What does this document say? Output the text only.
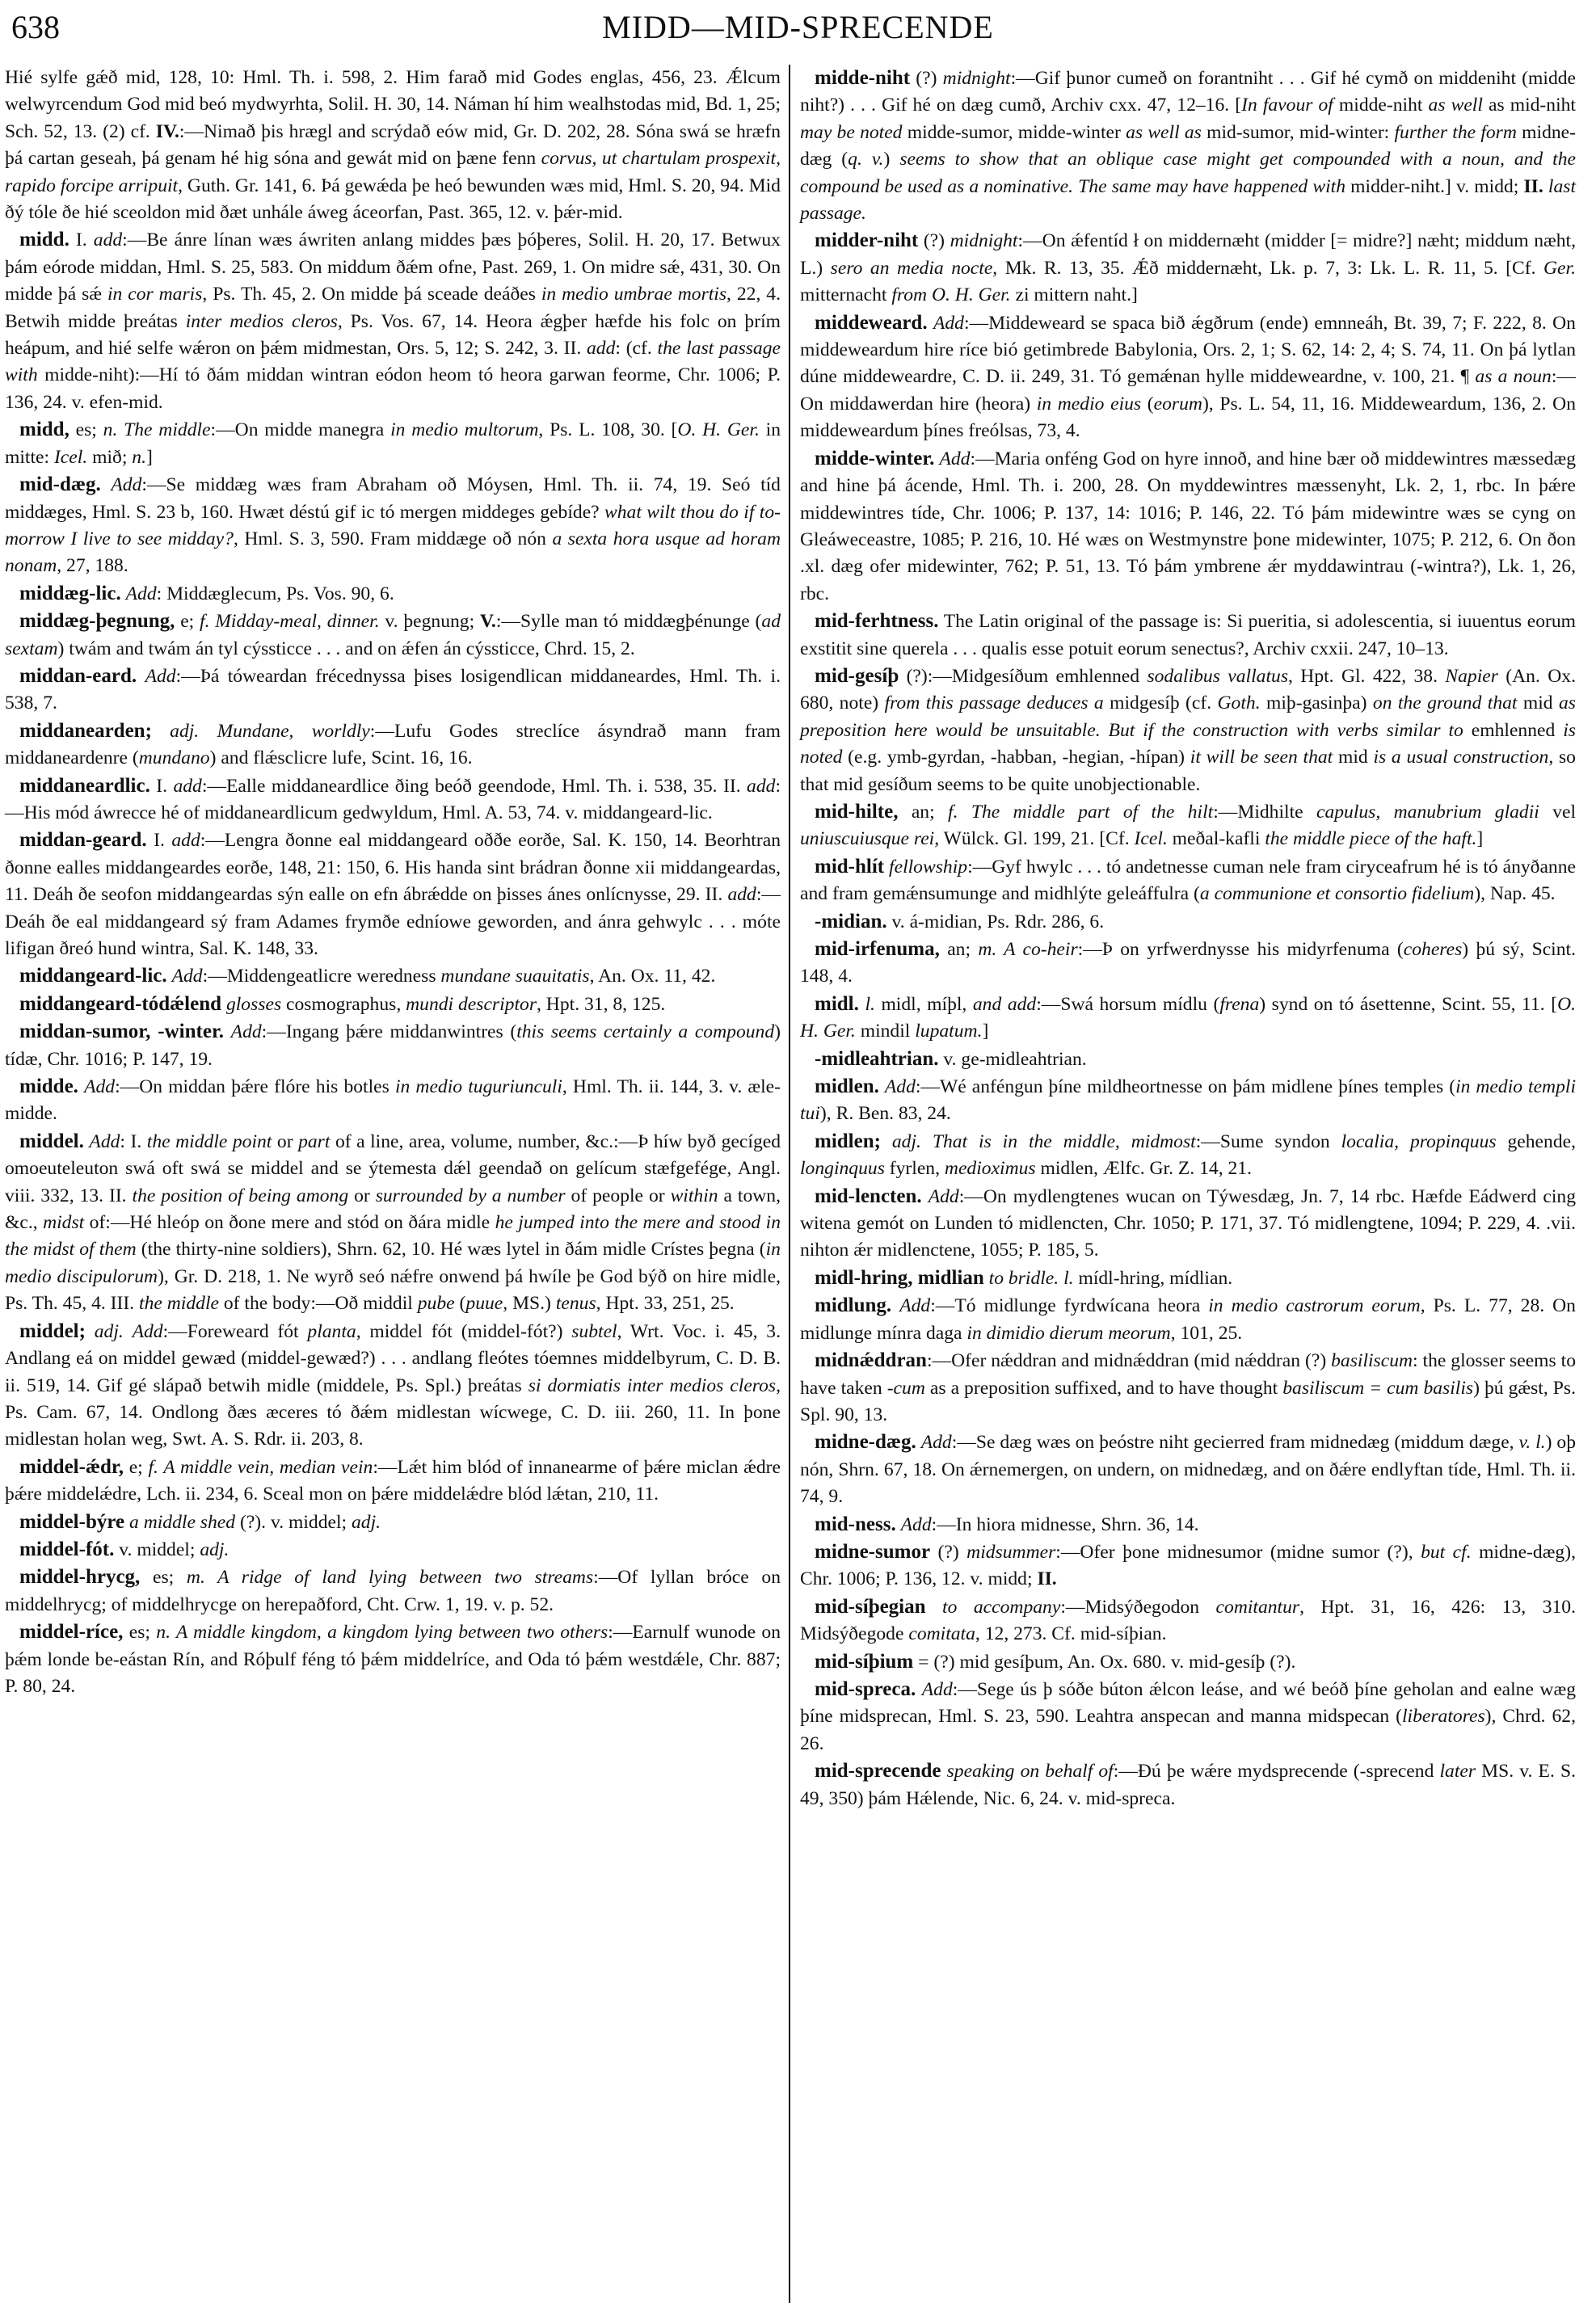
638	MIDD—MID-SPRECENDE

Hié sylfe gǽð mid, 128, 10: Hml. Th. i. 598, 2. Him farað mid Godes englas, 456, 23. Ǽlcum welwyrcendum God mid beó mydwyrhta, Solil. H. 30, 14. Náman hí him wealhstodas mid, Bd. 1, 25; Sch. 52, 13. (2) cf. IV.:—Nimað þis hrægl and scrýdað eów mid, Gr. D. 202, 28. Sóna swá se hræfn þá cartan geseah, þá genam hé hig sóna and gewát mid on þæne fenn corvus, ut chartulam prospexit, rapido forcipe arripuit, Guth. Gr. 141, 6. Þá gewǽda þe heó bewunden wæs mid, Hml. S. 20, 94. Mid ðý tóle ðe hié sceoldon mid ðæt unhále áweg áceorfan, Past. 365, 12. v. þǽr-mid.

midd. I. add:—Be ánre línan wæs áwriten anlang middes þæs þóþeres, Solil. H. 20, 17. Betwux þám eórode middan, Hml. S. 25, 583. On middum ðǽm ofne, Past. 269, 1. On midre sǽ, 431, 30. On midde þá sǽ in cor maris, Ps. Th. 45, 2. On midde þá sceade deáðes in medio umbrae mortis, 22, 4. Betwih midde þreátas inter medios cleros, Ps. Vos. 67, 14. Heora ǽgþer hæfde his folc on þrím heápum, and hié selfe wǽron on þǽm midmestan, Ors. 5, 12; S. 242, 3. II. add: (cf. the last passage with midde-niht):—Hí tó ðám middan wintran eódon heom tó heora garwan feorme, Chr. 1006; P. 136, 24. v. efen-mid.

midd, es; n. The middle:—On midde manegra in medio multorum, Ps. L. 108, 30. [O. H. Ger. in mitte: Icel. mið; n.]

mid-dæg. Add:—Se middæg wæs fram Abraham oð Móysen, Hml. Th. ii. 74, 19. Seó tíd middæges, Hml. S. 23 b, 160. Hwæt déstú gif ic tó mergen middeges gebíde? what wilt thou do if to-morrow I live to see midday?, Hml. S. 3, 590. Fram middæge oð nón a sexta hora usque ad horam nonam, 27, 188.

middæg-lic. Add: Middæglecum, Ps. Vos. 90, 6.

middæg-þegnung, e; f. Midday-meal, dinner. v. þegnung; V.:—Sylle man tó middægþénunge (ad sextam) twám and twám án tyl cýssticce . . . and on ǽfen án cýssticce, Chrd. 15, 2.

middan-eard. Add:—Þá tóweardan frécednyssa þises losigendlican middaneardes, Hml. Th. i. 538, 7.

middanearden; adj. Mundane, worldly:—Lufu Godes streclíce ásyndrað mann fram middaneardenre (mundano) and flǽsclicre lufe, Scint. 16, 16.

middaneardlic. I. add:—Ealle middaneardlice ðing beóð geendode, Hml. Th. i. 538, 35. II. add:—His mód áwrecce hé of middaneardlicum gedwyldum, Hml. A. 53, 74. v. middangeard-lic.

middan-geard. I. add:—Lengra ðonne eal middangeard oððe eorðe, Sal. K. 150, 14. Beorhtran ðonne ealles middangeardes eorðe, 148, 21: 150, 6. His handa sint brádran ðonne xii middangeardas, 11. Deáh ðe seofon middangeardas sýn ealle on efn ábrǽdde on þisses ánes onlícnysse, 29. II. add:—Deáh ðe eal middangeard sý fram Adames frymðe edníowe geworden, and ánra gehwylc . . . móte lifigan ðreó hund wintra, Sal. K. 148, 33.

middangeard-lic. Add:—Middengeatlicre weredness mundane suauitatis, An. Ox. 11, 42.

middangeard-tódǽlend glosses cosmographus, mundi descriptor, Hpt. 31, 8, 125.

middan-sumor, -winter. Add:—Ingang þǽre middanwintres (this seems certainly a compound) tídæ, Chr. 1016; P. 147, 19.

midde. Add:—On middan þǽre flóre his botles in medio tuguriunculi, Hml. Th. ii. 144, 3. v. æle-midde.

middel. Add: I. the middle point or part of a line, area, volume, number, &c.:—Þ híw byð gecíged omoeuteleuton swá oft swá se middel and se ýtemesta dǽl geendað on gelícum stæfgefége, Angl. viii. 332, 13. II. the position of being among or surrounded by a number of people or within a town, &c., midst of:—Hé hleóp on ðone mere and stód on ðára midle he jumped into the mere and stood in the midst of them (the thirty-nine soldiers), Shrn. 62, 10. Hé wæs lytel in ðám midle Crístes þegna (in medio discipulorum), Gr. D. 218, 1. Ne wyrð seó nǽfre onwend þá hwíle þe God býð on hire midle, Ps. Th. 45, 4. III. the middle of the body:—Oð middil pube (puue, MS.) tenus, Hpt. 33, 251, 25.

middel; adj. Add:—Foreweard fót planta, middel fót (middel-fót?) subtel, Wrt. Voc. i. 45, 3. Andlang eá on middel gewæd (middel-gewæd?) . . . andlang fleótes tóemnes middelbyrum, C. D. B. ii. 519, 14. Gif gé slápað betwih midle (middele, Ps. Spl.) þreátas si dormiatis inter medios cleros, Ps. Cam. 67, 14. Ondlong ðæs æceres tó ðǽm midlestan wícwege, C. D. iii. 260, 11. In þone midlestan holan weg, Swt. A. S. Rdr. ii. 203, 8.

middel-ǽdr, e; f. A middle vein, median vein:—Lǽt him blód of innanearme of þǽre miclan ǽdre þǽre middelǽdre, Lch. ii. 234, 6. Sceal mon on þǽre middelǽdre blód lǽtan, 210, 11.

middel-býre a middle shed (?). v. middel; adj.

middel-fót. v. middel; adj.

middel-hrycg, es; m. A ridge of land lying between two streams:—Of lyllan bróce on middelhrycg; of middelhrycge on herepaðford, Cht. Crw. 1, 19. v. p. 52.

middel-ríce, es; n. A middle kingdom, a kingdom lying between two others:—Earnulf wunode on þǽm londe be-eástan Rín, and Róþulf féng tó þǽm middelríce, and Oda tó þǽm westdǽle, Chr. 887; P. 80, 24.

midde-niht (?) midnight:—Gif þunor cumeð on forantniht . . . Gif hé cymð on middeniht (midde niht?) . . . Gif hé on dæg cumð, Archiv cxx. 47, 12–16. [In favour of midde-niht as well as mid-niht may be noted midde-sumor, midde-winter as well as mid-sumor, mid-winter: further the form midne-dæg (q. v.) seems to show that an oblique case might get compounded with a noun, and the compound be used as a nominative. The same may have happened with midder-niht.] v. midd; II. last passage.

midder-niht (?) midnight:—On ǽfentíd ł on middernæht (midder [= midre?] næht; middum næht, L.) sero an media nocte, Mk. R. 13, 35. Ǽð middernæht, Lk. p. 7, 3: Lk. L. R. 11, 5. [Cf. Ger. mitternacht from O. H. Ger. zi mittern naht.]

middeweard. Add:—Middeweard se spaca bið ǽgðrum (ende) emnneáh, Bt. 39, 7; F. 222, 8. On middeweardum hire ríce bió getimbrede Babylonia, Ors. 2, 1; S. 62, 14: 2, 4; S. 74, 11. On þá lytlan dúne middeweardre, C. D. ii. 249, 31. Tó gemǽnan hylle middeweardne, v. 100, 21. ¶ as a noun:—On middawerdan hire (heora) in medio eius (eorum), Ps. L. 54, 11, 16. Middeweardum, 136, 2. On middeweardum þínes freólsas, 73, 4.

midde-winter. Add:—Maria onféng God on hyre innoð, and hine bær oð middewintres mæssedæg and hine þá ácende, Hml. Th. i. 200, 28. On myddewintres mæssenyht, Lk. 2, 1, rbc. In þǽre middewintres tíde, Chr. 1006; P. 137, 14: 1016; P. 146, 22. Tó þám midewintre wæs se cyng on Gleáweceastre, 1085; P. 216, 10. Hé wæs on Westmynstre þone midewinter, 1075; P. 212, 6. On ðon .xl. dæg ofer midewinter, 762; P. 51, 13. Tó þám ymbrene ǽr myddawintrau (-wintra?), Lk. 1, 26, rbc.

mid-ferhtness. The Latin original of the passage is: Si pueritia, si adolescentia, si iuuentus eorum exstitit sine querela . . . qualis esse potuit eorum senectus?, Archiv cxxii. 247, 10–13.

mid-gesíþ (?):—Midgesíðum emhlenned sodalibus vallatus, Hpt. Gl. 422, 38. Napier (An. Ox. 680, note) from this passage deduces a midgesíþ (cf. Goth. miþ-gasinþa) on the ground that mid as preposition here would be unsuitable. But if the construction with verbs similar to emhlenned is noted (e.g. ymb-gyrdan, -habban, -hegian, -hípan) it will be seen that mid is a usual construction, so that mid gesíðum seems to be quite unobjectionable.

mid-hilte, an; f. The middle part of the hilt:—Midhilte capulus, manubrium gladii vel uniuscuiusque rei, Wülck. Gl. 199, 21. [Cf. Icel. meðal-kafli the middle piece of the haft.]

mid-hlít fellowship:—Gyf hwylc . . . tó andetnesse cuman nele fram ciryceafrum hé is tó ányðanne and fram gemǽnsumunge and midhlýte geleáffulra (a communione et consortio fidelium), Nap. 45.

-midian. v. á-midian, Ps. Rdr. 286, 6.

mid-irfenuma, an; m. A co-heir:—Þ on yrfwerdnysse his midyrfenuma (coheres) þú sý, Scint. 148, 4.

midl. l. midl, míþl, and add:—Swá horsum mídlu (frena) synd on tó ásettenne, Scint. 55, 11. [O. H. Ger. mindil lupatum.]

-midleahtrian. v. ge-midleahtrian.

midlen. Add:—Wé anféngun þíne mildheortnesse on þám midlene þínes temples (in medio templi tui), R. Ben. 83, 24.

midlen; adj. That is in the middle, midmost:—Sume syndon localia, propinquus gehende, longinquus fyrlen, medioximus midlen, Ælfc. Gr. Z. 14, 21.

mid-lencten. Add:—On mydlengtenes wucan on Týwesdæg, Jn. 7, 14 rbc. Hæfde Eádwerd cing witena gemót on Lunden tó midlencten, Chr. 1050; P. 171, 37. Tó midlengtene, 1094; P. 229, 4. .vii. nihton ǽr midlenctene, 1055; P. 185, 5.

midl-hring, midlian to bridle. l. mídl-hring, mídlian.

midlung. Add:—Tó midlunge fyrdwícana heora in medio castrorum eorum, Ps. L. 77, 28. On midlunge mínra daga in dimidio dierum meorum, 101, 25.

midnǽddran:—Ofer nǽddran and midnǽddran (mid nǽddran (?) basiliscum: the glosser seems to have taken -cum as a preposition suffixed, and to have thought basiliscum = cum basilis) þú gǽst, Ps. Spl. 90, 13.

midne-dæg. Add:—Se dæg wæs on þeóstre niht gecierred fram midnedæg (middum dæge, v. l.) oþ nón, Shrn. 67, 18. On ǽrnemergen, on undern, on midnedæg, and on ðǽre endlyftan tíde, Hml. Th. ii. 74, 9.

mid-ness. Add:—In hiora midnesse, Shrn. 36, 14.

midne-sumor (?) midsummer:—Ofer þone midnesumor (midne sumor (?), but cf. midne-dæg), Chr. 1006; P. 136, 12. v. midd; II.

mid-síþegian to accompany:—Midsýðegodon comitantur, Hpt. 31, 16, 426: 13, 310. Midsýðegode comitata, 12, 273. Cf. mid-síþian.

mid-síþium = (?) mid gesíþum, An. Ox. 680. v. mid-gesíþ (?).

mid-spreca. Add:—Sege ús þ sóðe búton ǽlcon leáse, and wé beóð þíne geholan and ealne wæg þíne midsprecan, Hml. S. 23, 590. Leahtra anspecan and manna midspecan (liberatores), Chrd. 62, 26.

mid-sprecende speaking on behalf of:—Ðú þe wǽre mydsprecende (-sprecend later MS. v. E. S. 49, 350) þám Hǽlende, Nic. 6, 24. v. mid-spreca.
